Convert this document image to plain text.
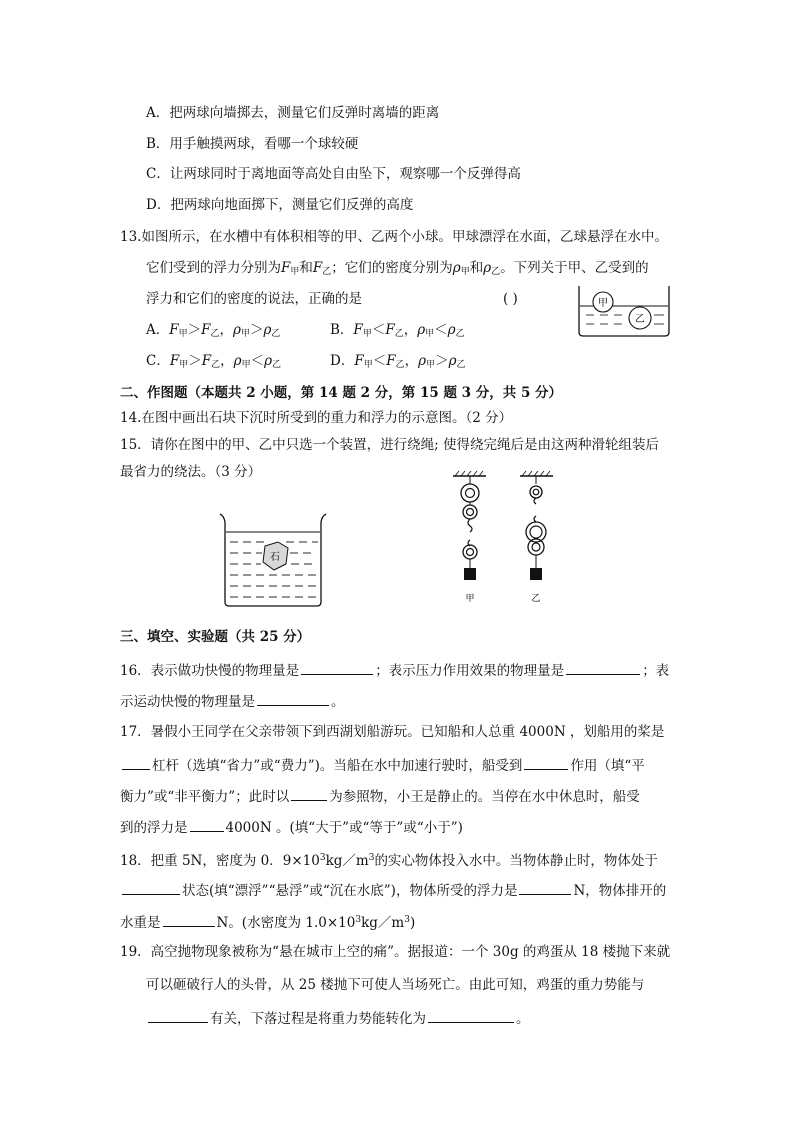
A．把两球向墙掷去，测量它们反弹时离墙的距离
B．用手触摸两球，看哪一个球较硬
C．让两球同时于离地面等高处自由坠下，观察哪一个反弹得高
D．把两球向地面掷下，测量它们反弹的高度
13.如图所示，在水槽中有体积相等的甲、乙两个小球。甲球漂浮在水面，乙球悬浮在水中。
它们受到的浮力分别为$F_甲$和$F_乙$；它们的密度分别为$\rho_甲$和$\rho_乙$。下列关于甲、乙受到的
浮力和它们的密度的说法，正确的是	( )
A．$F_甲>F_乙$，$\rho_甲>\rho_乙$	B．$F_甲<F_乙$，$\rho_甲<\rho_乙$
C．$F_甲>F_乙$，$\rho_甲<\rho_乙$	D．$F_甲<F_乙$，$\rho_甲>\rho_乙$
甲
乙
二、作图题（本题共 2 小题，第 14 题 2 分，第 15 题 3 分，共 5 分）
14.在图中画出石块下沉时所受到的重力和浮力的示意图。（2 分）
15．请你在图中的甲、乙中只选一个装置，进行绕绳; 使得绕完绳后是由这两种滑轮组装后
最省力的绕法。（3 分）
石
甲	乙
三、填空、实验题（共 25 分）
16．表示做功快慢的物理量是	；表示压力作用效果的物理量是	；表
示运动快慢的物理量是	。
17．暑假小王同学在父亲带领下到西湖划船游玩。已知船和人总重 4000N ，划船用的桨是
杠杆（选填“省力”或“费力”)。当船在水中加速行驶时，船受到	作用（填“平
衡力”或“非平衡力”；此时以	为参照物，小王是静止的。当停在水中休息时，船受
到的浮力是	4000N 。(填“大于”或“等于”或“小于”)
18．把重 5N，密度为 0．$9\times 10^3kg/m^3$的实心物体投入水中。当物体静止时，物体处于
状态(填“漂浮”“悬浮”或“沉在水底”)，物体所受的浮力是	N，物体排开的
水重是	N。(水密度为 $1.0\times 10^3kg/m^3$)
19．高空抛物现象被称为“悬在城市上空的痛”。据报道：一个 30g 的鸡蛋从 18 楼抛下来就
可以砸破行人的头骨，从 25 楼抛下可使人当场死亡。由此可知，鸡蛋的重力势能与
有关，下落过程是将重力势能转化为	。
